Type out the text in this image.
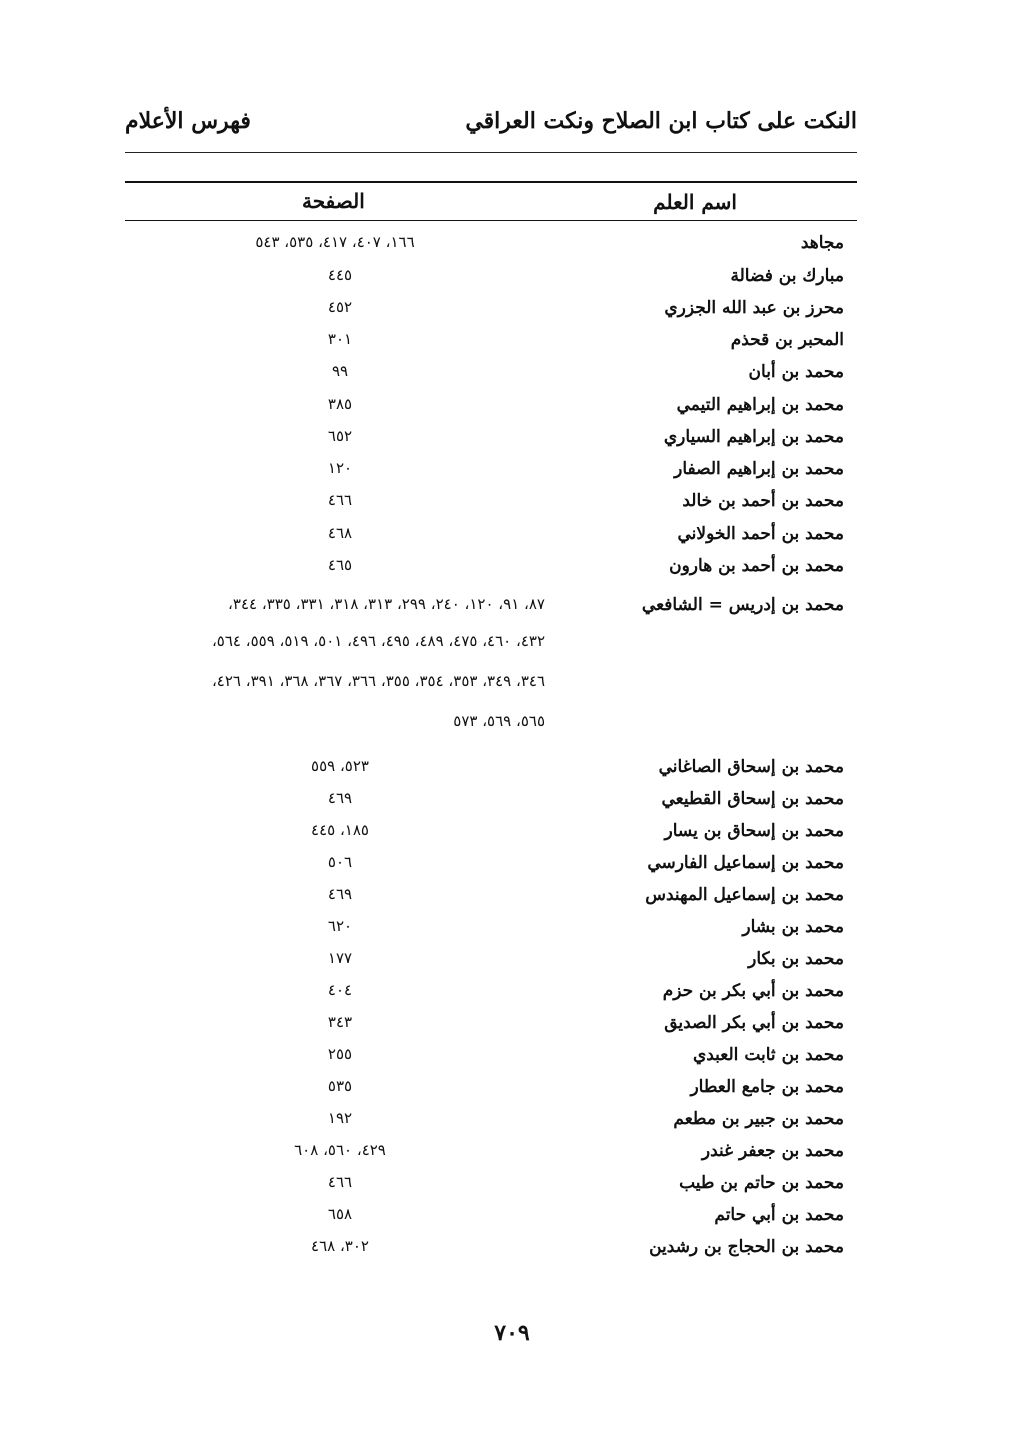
النكت على كتاب ابن الصلاح ونكت العراقي
فهرس الأعلام
اسم العلم
الصفحة
مجاهد
١٦٦، ٤٠٧، ٤١٧، ٥٣٥، ٥٤٣
مبارك بن فضالة
٤٤٥
محرز بن عبد الله الجزري
٤٥٢
المحبر بن قحذم
٣٠١
محمد بن أبان
٩٩
محمد بن إبراهيم التيمي
٣٨٥
محمد بن إبراهيم السياري
٦٥٢
محمد بن إبراهيم الصفار
١٢٠
محمد بن أحمد بن خالد
٤٦٦
محمد بن أحمد الخولاني
٤٦٨
محمد بن أحمد بن هارون
٤٦٥
محمد بن إدريس = الشافعي
٨٧، ٩١، ١٢٠، ٢٤٠، ٢٩٩، ٣١٣، ٣١٨، ٣٣١، ٣٣٥، ٣٤٤،
٤٣٢، ٤٦٠، ٤٧٥، ٤٨٩، ٤٩٥، ٤٩٦، ٥٠١، ٥١٩، ٥٥٩، ٥٦٤،
٣٤٦، ٣٤٩، ٣٥٣، ٣٥٤، ٣٥٥، ٣٦٦، ٣٦٧، ٣٦٨، ٣٩١، ٤٢٦،
٥٦٥، ٥٦٩، ٥٧٣
محمد بن إسحاق الصاغاني
٥٢٣، ٥٥٩
محمد بن إسحاق القطيعي
٤٦٩
محمد بن إسحاق بن يسار
١٨٥، ٤٤٥
محمد بن إسماعيل الفارسي
٥٠٦
محمد بن إسماعيل المهندس
٤٦٩
محمد بن بشار
٦٢٠
محمد بن بكار
١٧٧
محمد بن أبي بكر بن حزم
٤٠٤
محمد بن أبي بكر الصديق
٣٤٣
محمد بن ثابت العبدي
٢٥٥
محمد بن جامع العطار
٥٣٥
محمد بن جبير بن مطعم
١٩٢
محمد بن جعفر غندر
٤٢٩، ٥٦٠، ٦٠٨
محمد بن حاتم بن طيب
٤٦٦
محمد بن أبي حاتم
٦٥٨
محمد بن الحجاج بن رشدين
٣٠٢، ٤٦٨
٧٠٩
